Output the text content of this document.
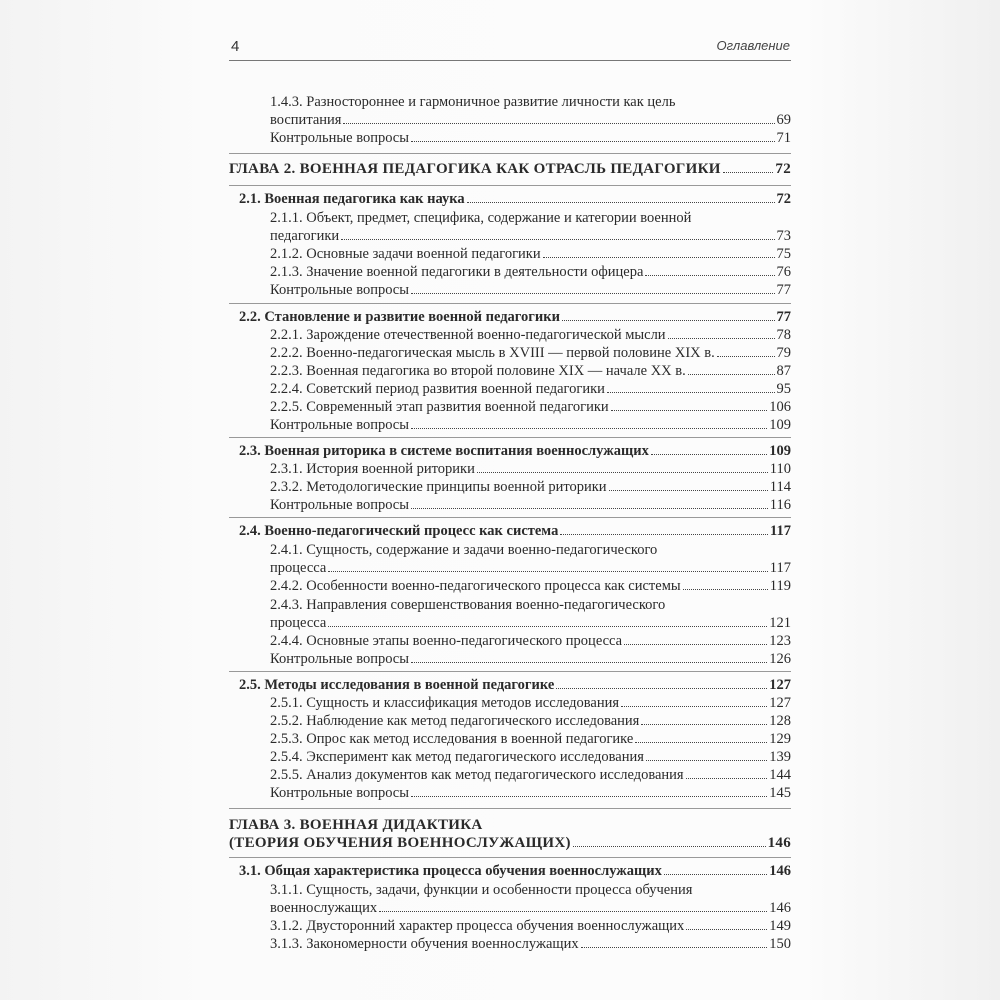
4	Оглавление
1.4.3. Разностороннее и гармоничное развитие личности как цель
воспитания	69
Контрольные вопросы	71
ГЛАВА 2. ВОЕННАЯ ПЕДАГОГИКА КАК ОТРАСЛЬ ПЕДАГОГИКИ	72
2.1. Военная педагогика как наука	72
2.1.1. Объект, предмет, специфика, содержание и категории военной
педагогики	73
2.1.2. Основные задачи военной педагогики	75
2.1.3. Значение военной педагогики в деятельности офицера	76
Контрольные вопросы	77
2.2. Становление и развитие военной педагогики	77
2.2.1. Зарождение отечественной военно-педагогической мысли	78
2.2.2. Военно-педагогическая мысль в XVIII — первой половине XIX в.	79
2.2.3. Военная педагогика во второй половине XIX — начале XX в.	87
2.2.4. Советский период развития военной педагогики	95
2.2.5. Современный этап развития военной педагогики	106
Контрольные вопросы	109
2.3. Военная риторика в системе воспитания военнослужащих	109
2.3.1. История военной риторики	110
2.3.2. Методологические принципы военной риторики	114
Контрольные вопросы	116
2.4. Военно-педагогический процесс как система	117
2.4.1. Сущность, содержание и задачи военно-педагогического
процесса	117
2.4.2. Особенности военно-педагогического процесса как системы	119
2.4.3. Направления совершенствования военно-педагогического
процесса	121
2.4.4. Основные этапы военно-педагогического процесса	123
Контрольные вопросы	126
2.5. Методы исследования в военной педагогике	127
2.5.1. Сущность и классификация методов исследования	127
2.5.2. Наблюдение как метод педагогического исследования	128
2.5.3. Опрос как метод исследования в военной педагогике	129
2.5.4. Эксперимент как метод педагогического исследования	139
2.5.5. Анализ документов как метод педагогического исследования	144
Контрольные вопросы	145
ГЛАВА 3. ВОЕННАЯ ДИДАКТИКА
(ТЕОРИЯ ОБУЧЕНИЯ ВОЕННОСЛУЖАЩИХ)	146
3.1. Общая характеристика процесса обучения военнослужащих	146
3.1.1. Сущность, задачи, функции и особенности процесса обучения
военнослужащих	146
3.1.2. Двусторонний характер процесса обучения военнослужащих	149
3.1.3. Закономерности обучения военнослужащих	150
